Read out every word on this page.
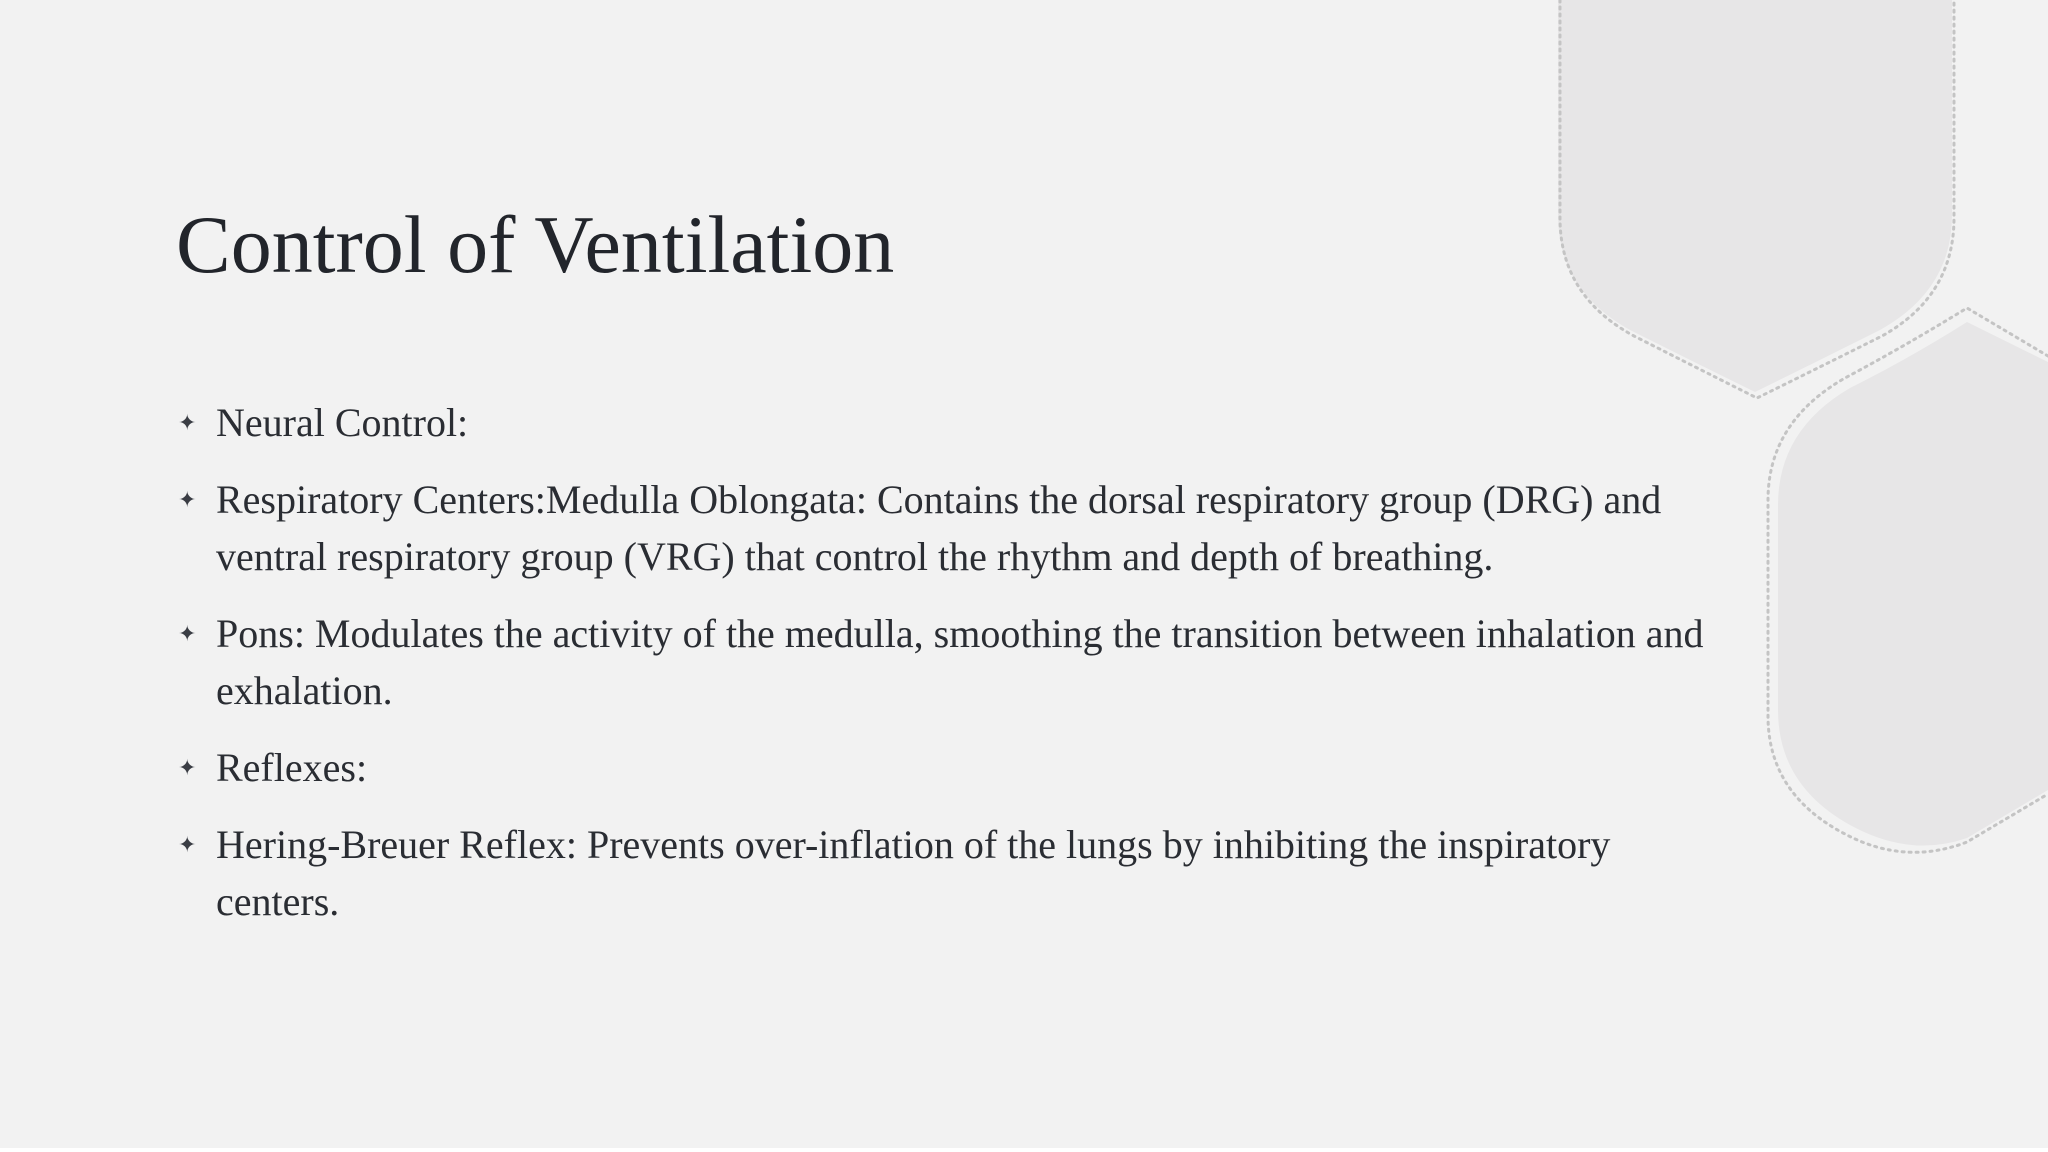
Control of Ventilation
✦ Neural Control:
✦ Respiratory Centers:Medulla Oblongata: Contains the dorsal respiratory group (DRG) and ventral respiratory group (VRG) that control the rhythm and depth of breathing.
✦ Pons: Modulates the activity of the medulla, smoothing the transition between inhalation and exhalation.
✦ Reflexes:
✦ Hering-Breuer Reflex: Prevents over-inflation of the lungs by inhibiting the inspiratory centers.
